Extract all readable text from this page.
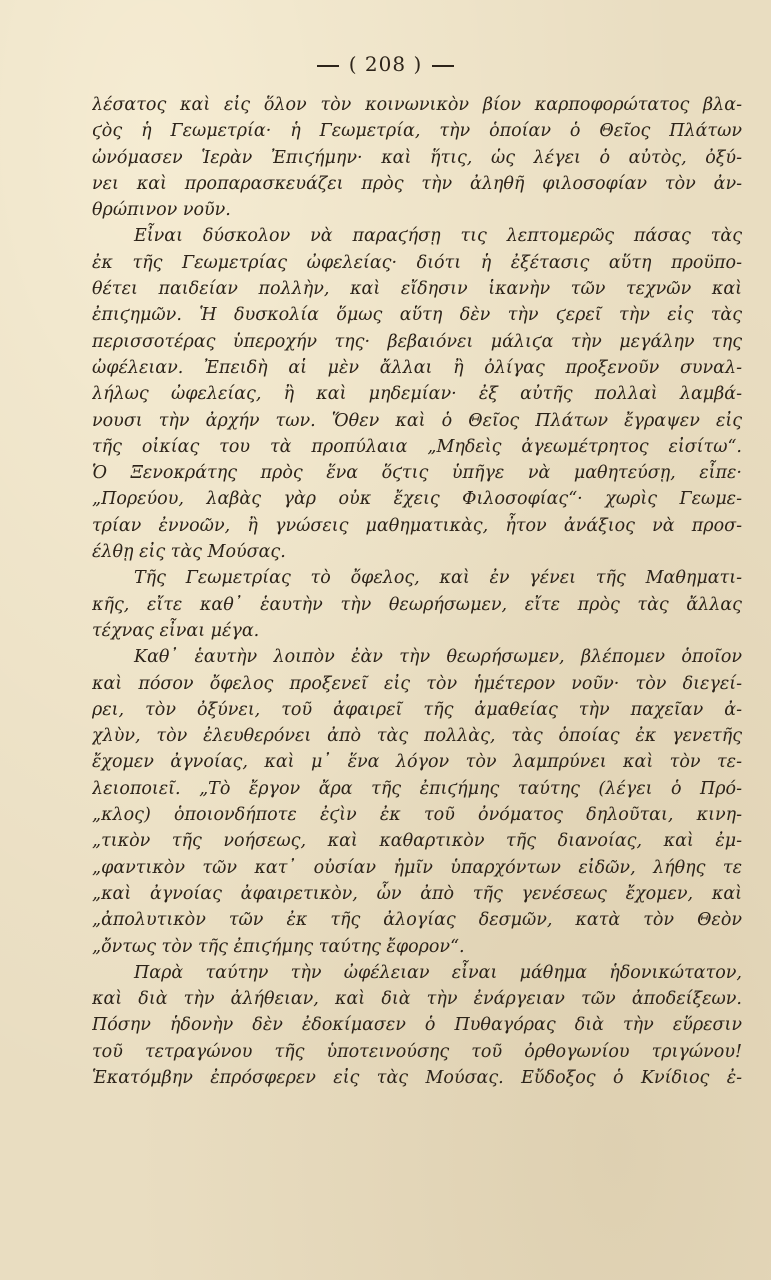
( 208 )
λέσατος καὶ εἰς ὅλον τὸν κοινωνικὸν βίον καρποφορώτατος βλα-
ϛὸς ἡ Γεωμετρία· ἡ Γεωμετρία, τὴν ὁποίαν ὁ Θεῖος Πλάτων
ὠνόμασεν Ἱερὰν Ἐπιϛήμην· καὶ ἥτις, ὡς λέγει ὁ αὐτὸς, ὀξύ-
νει καὶ προπαρασκευάζει πρὸς τὴν ἀληθῆ φιλοσοφίαν τὸν ἀν-
θρώπινον νοῦν.
Εἶναι δύσκολον νὰ παραϛήσῃ τις λεπτομερῶς πάσας τὰς
ἐκ τῆς Γεωμετρίας ὠφελείας· διότι ἡ ἐξέτασις αὕτη προϋπο-
θέτει παιδείαν πολλὴν, καὶ εἴδησιν ἱκανὴν τῶν τεχνῶν καὶ
ἐπιϛημῶν. Ἡ δυσκολία ὅμως αὕτη δὲν τὴν ϛερεῖ τὴν εἰς τὰς
περισσοτέρας ὑπεροχήν της· βεβαιόνει μάλιϛα τὴν μεγάλην της
ὠφέλειαν. Ἐπειδὴ αἱ μὲν ἄλλαι ἢ ὀλίγας προξενοῦν συναλ-
λήλως ὠφελείας, ἢ καὶ μηδεμίαν· ἐξ αὐτῆς πολλαὶ λαμβά-
νουσι τὴν ἀρχήν των. Ὅθεν καὶ ὁ Θεῖος Πλάτων ἔγραψεν εἰς
τῆς οἰκίας του τὰ προπύλαια „Μηδεὶς ἀγεωμέτρητος εἰσίτω“.
Ὁ Ξενοκράτης πρὸς ἕνα ὅϛτις ὑπῆγε νὰ μαθητεύσῃ, εἶπε·
„Πορεύου, λαβὰς γὰρ οὐκ ἔχεις Φιλοσοφίας“· χωρὶς Γεωμε-
τρίαν ἐννοῶν, ἢ γνώσεις μαθηματικὰς, ἦτον ἀνάξιος νὰ προσ-
έλθῃ εἰς τὰς Μούσας.
Τῆς Γεωμετρίας τὸ ὄφελος, καὶ ἐν γένει τῆς Μαθηματι-
κῆς, εἴτε καθ᾽ ἑαυτὴν τὴν θεωρήσωμεν, εἴτε πρὸς τὰς ἄλλας
τέχνας εἶναι μέγα.
Καθ᾽ ἑαυτὴν λοιπὸν ἐὰν τὴν θεωρήσωμεν, βλέπομεν ὁποῖον
καὶ πόσον ὄφελος προξενεῖ εἰς τὸν ἡμέτερον νοῦν· τὸν διεγεί-
ρει, τὸν ὀξύνει, τοῦ ἀφαιρεῖ τῆς ἀμαθείας τὴν παχεῖαν ἀ-
χλὺν, τὸν ἐλευθερόνει ἀπὸ τὰς πολλὰς, τὰς ὁποίας ἐκ γενετῆς
ἔχομεν ἀγνοίας, καὶ μ᾽ ἕνα λόγον τὸν λαμπρύνει καὶ τὸν τε-
λειοποιεῖ. „Τὸ ἔργον ἄρα τῆς ἐπιϛήμης ταύτης (λέγει ὁ Πρό-
„κλος) ὁποιονδήποτε ἐϛὶν ἐκ τοῦ ὀνόματος δηλοῦται, κινη-
„τικὸν τῆς νοήσεως, καὶ καθαρτικὸν τῆς διανοίας, καὶ ἐμ-
„φαντικὸν τῶν κατ᾽ οὐσίαν ἡμῖν ὑπαρχόντων εἰδῶν, λήθης τε
„καὶ ἀγνοίας ἀφαιρετικὸν, ὧν ἀπὸ τῆς γενέσεως ἔχομεν, καὶ
„ἀπολυτικὸν τῶν ἐκ τῆς ἀλογίας δεσμῶν, κατὰ τὸν Θεὸν
„ὄντως τὸν τῆς ἐπιϛήμης ταύτης ἔφορον“.
Παρὰ ταύτην τὴν ὠφέλειαν εἶναι μάθημα ἡδονικώτατον,
καὶ διὰ τὴν ἀλήθειαν, καὶ διὰ τὴν ἐνάργειαν τῶν ἀποδείξεων.
Πόσην ἡδονὴν δὲν ἐδοκίμασεν ὁ Πυθαγόρας διὰ τὴν εὕρεσιν
τοῦ τετραγώνου τῆς ὑποτεινούσης τοῦ ὀρθογωνίου τριγώνου!
Ἑκατόμβην ἐπρόσφερεν εἰς τὰς Μούσας. Εὔδοξος ὁ Κνίδιος ἐ-
